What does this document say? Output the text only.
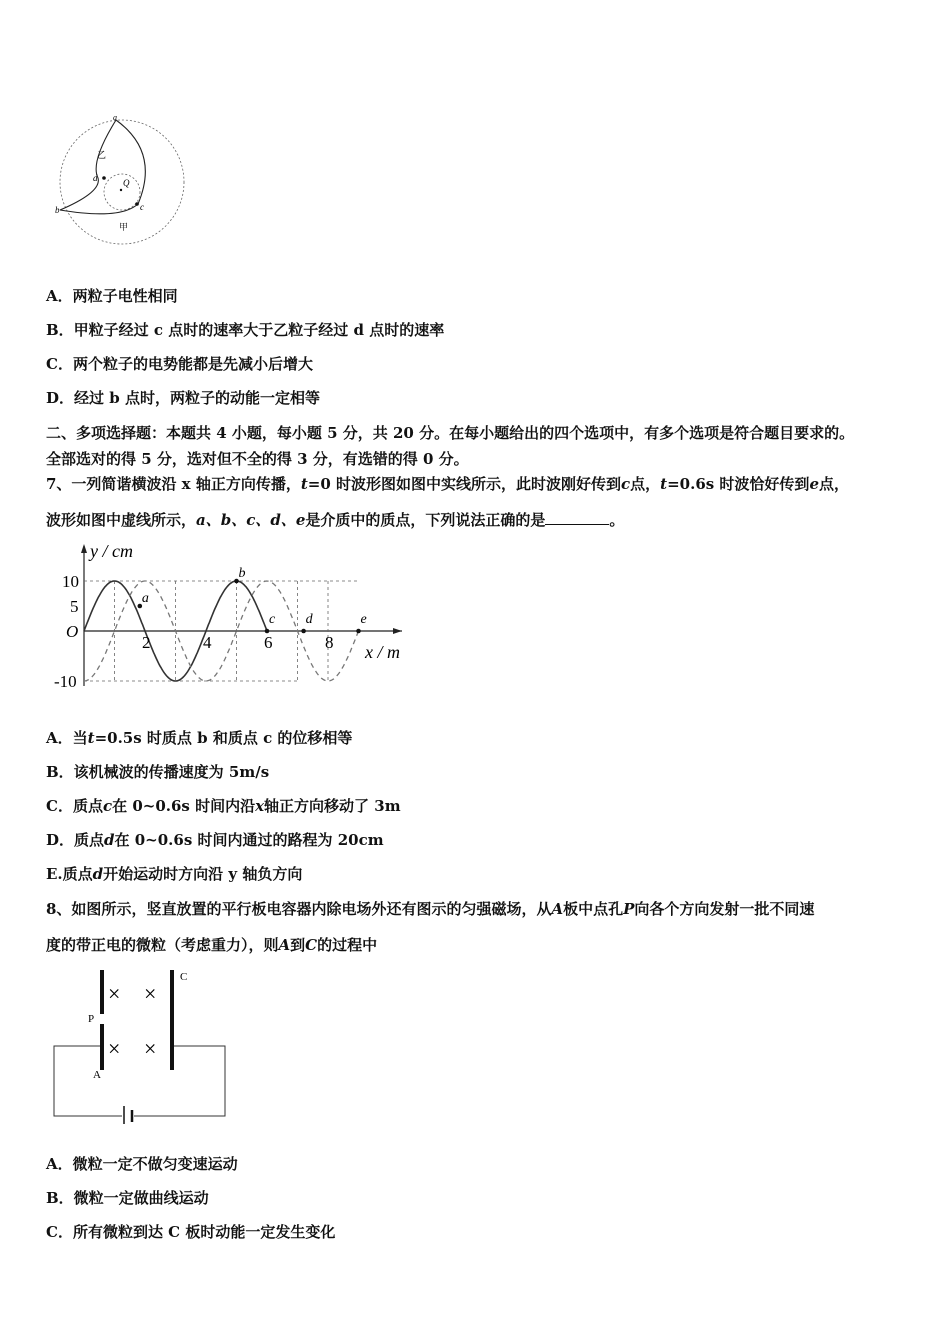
a
乙
d	Q
b	c
甲
A．两粒子电性相同
B．甲粒子经过 c 点时的速率大于乙粒子经过 d 点时的速率
C．两个粒子的电势能都是先减小后增大
D．经过 b 点时，两粒子的动能一定相等
二、多项选择题：本题共 4 小题，每小题 5 分，共 20 分。在每小题给出的四个选项中，有多个选项是符合题目要求的。
全部选对的得 5 分，选对但不全的得 3 分，有选错的得 0 分。
7、一列简谐横波沿 x 轴正方向传播，t=0 时波形图如图中实线所示，此时波刚好传到c点，t=0.6s 时波恰好传到e点，
波形如图中虚线所示，a、b、c、d、e是介质中的质点，下列说法正确的是	。
a
b
c d	e
2	4	6	8
10
5
-10
O
y / cm
x / m
A．当t=0.5s 时质点 b 和质点 c 的位移相等
B．该机械波的传播速度为 5m/s
C．质点c在 0~0.6s 时间内沿x轴正方向移动了 3m
D．质点d在 0~0.6s 时间内通过的路程为 20cm
E.质点d开始运动时方向沿 y 轴负方向
8、如图所示，竖直放置的平行板电容器内除电场外还有图示的匀强磁场，从A板中点孔P向各个方向发射一批不同速
度的带正电的微粒（考虑重力），则A到C的过程中
× ×
× ×
C
P
A
A．微粒一定不做匀变速运动
B．微粒一定做曲线运动
C．所有微粒到达 C 板时动能一定发生变化
